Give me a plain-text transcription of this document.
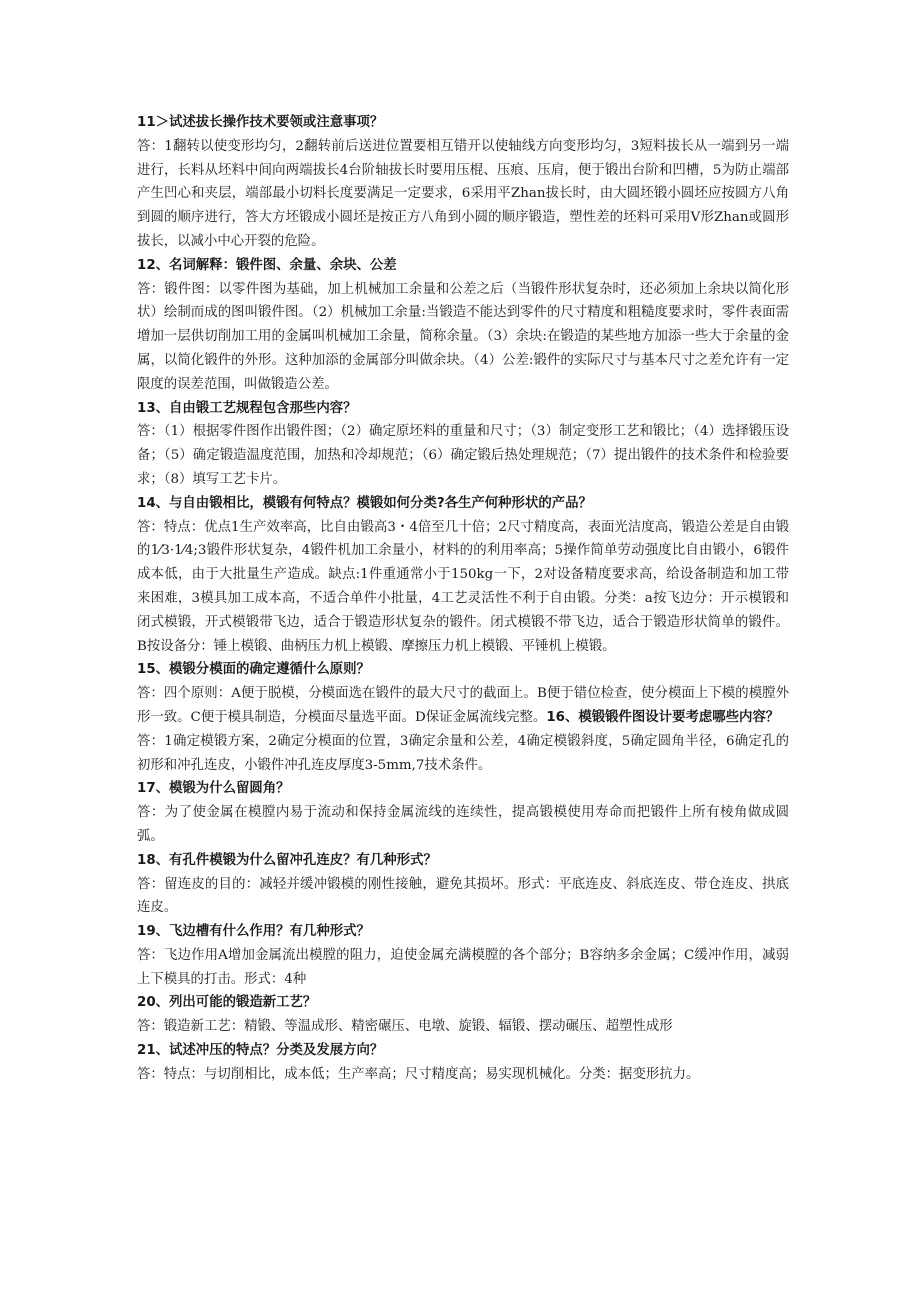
11＞试述拔长操作技术要领或注意事项？

答：1翻转以使变形均匀，2翻转前后送进位置要相互错开以使轴线方向变形均匀，3短料拔长从一端到另一端进行，长料从坯料中间向两端拔长4台阶轴拔长时要用压棍、压痕、压肩，便于锻出台阶和凹槽，5为防止端部产生凹心和夹层，端部最小切料长度要满足一定要求，6采用平Zhan拔长时，由大圆坯锻小圆坯应按圆方八角到圆的顺序进行，答大方坯锻成小圆坯是按正方八角到小圆的顺序锻造，塑性差的坯料可采用V形Zhan或圆形拔长，以减小中心开裂的危险。

12、名词解释：锻件图、余量、余块、公差

答：锻件图：以零件图为基础，加上机械加工余量和公差之后（当锻件形状复杂时，还必须加上余块以简化形状）绘制而成的图叫锻件图。（2）机械加工余量:当锻造不能达到零件的尺寸精度和粗糙度要求时，零件表面需增加一层供切削加工用的金属叫机械加工余量，简称余量。（3）余块:在锻造的某些地方加添一些大于余量的金属，以简化锻件的外形。这种加添的金属部分叫做余块。（4）公差:锻件的实际尺寸与基本尺寸之差允许有一定限度的误差范围，叫做锻造公差。

13、自由锻工艺规程包含那些内容？

答：（1）根据零件图作出锻件图；（2）确定原坯料的重量和尺寸；（3）制定变形工艺和锻比；（4）选择锻压设备；（5）确定锻造温度范围，加热和冷却规范；（6）确定锻后热处理规范；（7）提出锻件的技术条件和检验要求；（8）填写工艺卡片。

14、与自由锻相比，模锻有何特点？模锻如何分类?各生产何种形状的产品？

答：特点：优点1生产效率高，比自由锻高3・4倍至几十倍；2尺寸精度高，表面光洁度高，锻造公差是自由锻的1⁄3·1⁄4;3锻件形状复杂，4锻件机加工余量小，材料的的利用率高；5操作简单劳动强度比自由锻小，6锻件成本低，由于大批量生产造成。缺点:1件重通常小于150kg一下，2对设备精度要求高，给设备制造和加工带来困难，3模具加工成本高，不适合单件小批量，4工艺灵活性不利于自由锻。分类：a按飞边分：开示模锻和闭式模锻，开式模锻带飞边，适合于锻造形状复杂的锻件。闭式模锻不带飞边，适合于锻造形状简单的锻件。B按设备分：锤上模锻、曲柄压力机上模锻、摩擦压力机上模锻、平锤机上模锻。

15、模锻分模面的确定遵循什么原则？

答：四个原则：A便于脱模，分模面选在锻件的最大尺寸的截面上。B便于错位检查，使分模面上下模的模膛外形一致。C便于模具制造，分模面尽量选平面。D保证金属流线完整。16、模锻锻件图设计要考虑哪些内容？

答：1确定模锻方案，2确定分模面的位置，3确定余量和公差，4确定模锻斜度，5确定圆角半径，6确定孔的初形和冲孔连皮，小锻件冲孔连皮厚度3-5mm,7技术条件。

17、模锻为什么留圆角？

答：为了使金属在模膛内易于流动和保持金属流线的连续性，提高锻模使用寿命而把锻件上所有棱角做成圆弧。

18、有孔件模锻为什么留冲孔连皮？有几种形式？

答：留连皮的目的：减轻并缓冲锻模的刚性接触，避免其损坏。形式：平底连皮、斜底连皮、带仓连皮、拱底连皮。

19、飞边槽有什么作用？有几种形式？

答：飞边作用A增加金属流出模膛的阻力，迫使金属充满模膛的各个部分；B容纳多余金属；C缓冲作用，减弱上下模具的打击。形式：4种

20、列出可能的锻造新工艺？

答：锻造新工艺：精锻、等温成形、精密碾压、电墩、旋锻、辐锻、摆动碾压、超塑性成形

21、试述冲压的特点？分类及发展方向？

答：特点：与切削相比，成本低；生产率高；尺寸精度高；易实现机械化。分类：据变形抗力。
